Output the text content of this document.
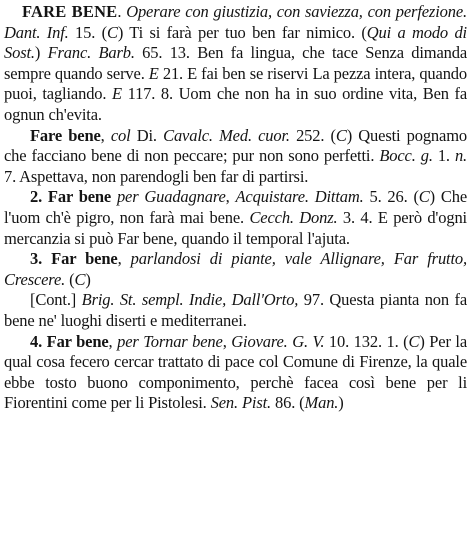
FARE BENE. Operare con giustizia, con saviezza, con perfezione. Dant. Inf. 15. (C) Ti si farà per tuo ben far nimico. (Qui a modo di Sost.) Franc. Barb. 65. 13. Ben fa lingua, che tace Senza dimanda sempre quando serve. E 21. E fai ben se riservi La pezza intera, quando puoi, tagliando. E 117. 8. Uom che non ha in suo ordine vita, Ben fa ognun ch'evita.

Fare bene, col Di. Cavalc. Med. cuor. 252. (C) Questi pognamo che facciano bene di non peccare; pur non sono perfetti. Bocc. g. 1. n. 7. Aspettava, non parendogli ben far di partirsi.

2. Far bene per Guadagnare, Acquistare. Dittam. 5. 26. (C) Che l'uom ch'è pigro, non farà mai bene. Cecch. Donz. 3. 4. E però d'ogni mercanzia si può Far bene, quando il temporal l'ajuta.

3. Far bene, parlandosi di piante, vale Allignare, Far frutto, Crescere. (C)

[Cont.] Brig. St. sempl. Indie, Dall'Orto, 97. Questa pianta non fa bene ne' luoghi diserti e mediterranei.

4. Far bene, per Tornar bene, Giovare. G. V. 10. 132. 1. (C) Per la qual cosa fecero cercar trattato di pace col Comune di Firenze, la quale ebbe tosto buono componimento, perchè facea così bene per li Fiorentini come per li Pistolesi. Sen. Pist. 86. (Man.)
